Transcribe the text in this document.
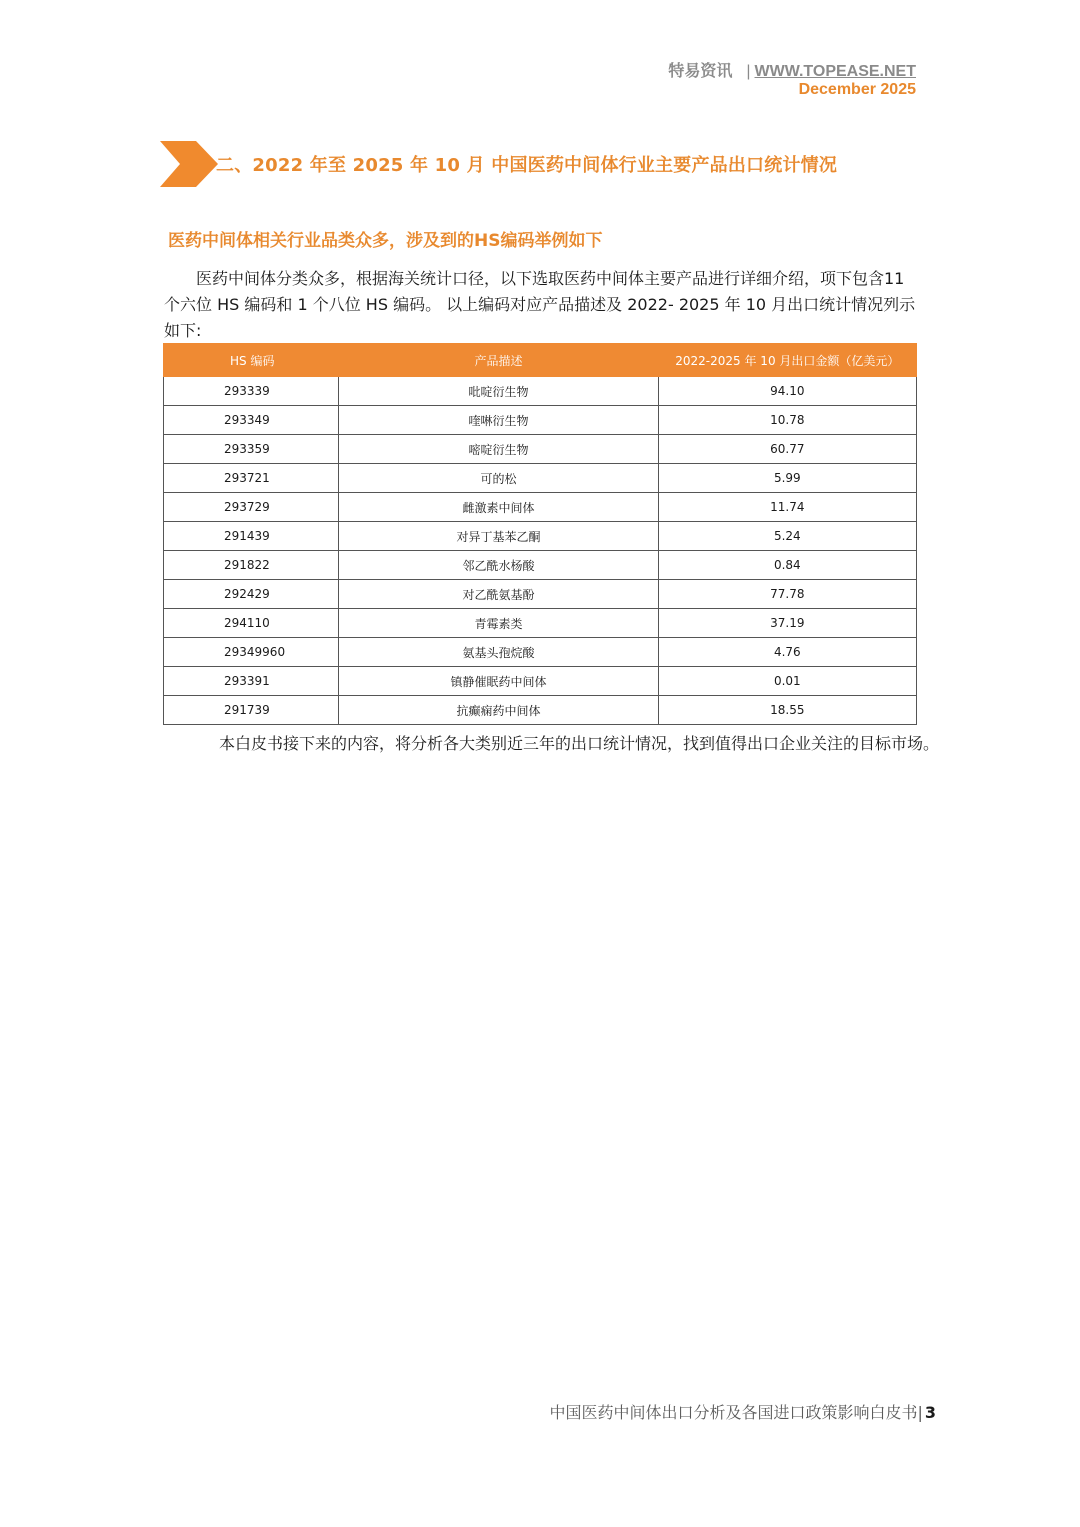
特易资讯 | WWW.TOPEASE.NET
December 2025
二、2022 年至 2025 年 10 月 中国医药中间体行业主要产品出口统计情况
医药中间体相关行业品类众多，涉及到的HS编码举例如下

医药中间体分类众多，根据海关统计口径，以下选取医药中间体主要产品进行详细介绍，项下包含11个六位 HS 编码和 1 个八位 HS 编码。 以上编码对应产品描述及 2022- 2025 年 10 月出口统计情况列示如下:

HS 编码	产品描述	2022-2025 年 10 月出口金额（亿美元）
293339	吡啶衍生物	94.10
293349	喹啉衍生物	10.78
293359	嘧啶衍生物	60.77
293721	可的松	5.99
293729	雌激素中间体	11.74
291439	对异丁基苯乙酮	5.24
291822	邻乙酰水杨酸	0.84
292429	对乙酰氨基酚	77.78
294110	青霉素类	37.19
29349960	氨基头孢烷酸	4.76
293391	镇静催眠药中间体	0.01
291739	抗癫痫药中间体	18.55
本白皮书接下来的内容，将分析各大类别近三年的出口统计情况，找到值得出口企业关注的目标市场。
中国医药中间体出口分析及各国进口政策影响白皮书| 3
